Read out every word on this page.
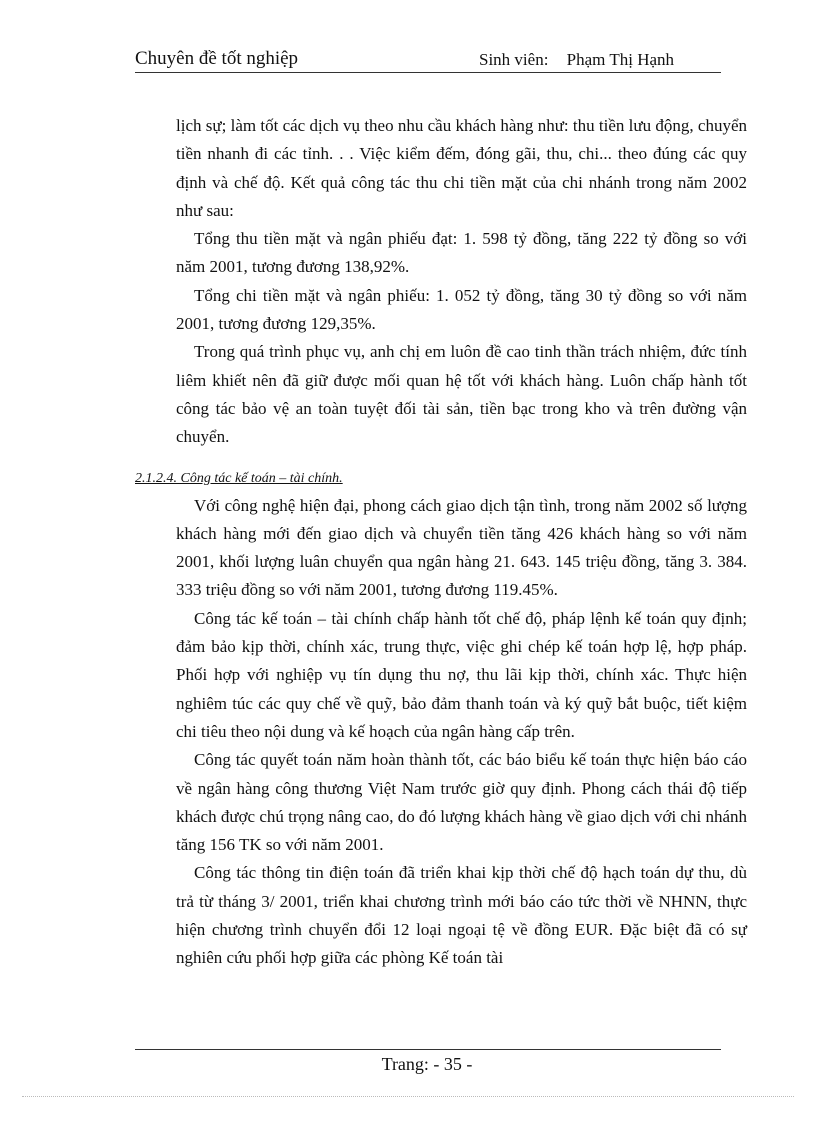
Chuyên đề tốt nghiệp	Sinh viên: Phạm Thị Hạnh

lịch sự; làm tốt các dịch vụ theo nhu cầu khách hàng như: thu tiền lưu động, chuyển tiền nhanh đi các tỉnh. . . Việc kiểm đếm, đóng gãi, thu, chi... theo đúng các quy định và chế độ. Kết quả công tác thu chi tiền mặt của chi nhánh trong năm 2002 như sau:

Tổng thu tiền mặt và ngân phiếu đạt: 1. 598 tỷ đồng, tăng 222 tỷ đồng so với năm 2001, tương đương 138,92%.

Tổng chi tiền mặt và ngân phiếu: 1. 052 tỷ đồng, tăng 30 tỷ đồng so với năm 2001, tương đương 129,35%.

Trong quá trình phục vụ, anh chị em luôn đề cao tinh thần trách nhiệm, đức tính liêm khiết nên đã giữ được mối quan hệ tốt với khách hàng. Luôn chấp hành tốt công tác bảo vệ an toàn tuyệt đối tài sản, tiền bạc trong kho và trên đường vận chuyển.

2.1.2.4. Công tác kế toán – tài chính.

Với công nghệ hiện đại, phong cách giao dịch tận tình, trong năm 2002 số lượng khách hàng mới đến giao dịch và chuyển tiền tăng 426 khách hàng so với năm 2001, khối lượng luân chuyển qua ngân hàng 21. 643. 145 triệu đồng, tăng 3. 384. 333 triệu đồng so với năm 2001, tương đương 119.45%.

Công tác kế toán – tài chính chấp hành tốt chế độ, pháp lệnh kế toán quy định; đảm bảo kịp thời, chính xác, trung thực, việc ghi chép kế toán hợp lệ, hợp pháp. Phối hợp với nghiệp vụ tín dụng thu nợ, thu lãi kịp thời, chính xác. Thực hiện nghiêm túc các quy chế về quỹ, bảo đảm thanh toán và ký quỹ bắt buộc, tiết kiệm chi tiêu theo nội dung và kế hoạch của ngân hàng cấp trên.

Công tác quyết toán năm hoàn thành tốt, các báo biểu kế toán thực hiện báo cáo về ngân hàng công thương Việt Nam trước giờ quy định. Phong cách thái độ tiếp khách được chú trọng nâng cao, do đó lượng khách hàng về giao dịch với chi nhánh tăng 156 TK so với năm 2001.

Công tác thông tin điện toán đã triển khai kịp thời chế độ hạch toán dự thu, dù trả từ tháng 3/ 2001, triển khai chương trình mới báo cáo tức thời về NHNN, thực hiện chương trình chuyển đổi 12 loại ngoại tệ về đồng EUR. Đặc biệt đã có sự nghiên cứu phối hợp giữa các phòng Kế toán tài

Trang: - 35 -
